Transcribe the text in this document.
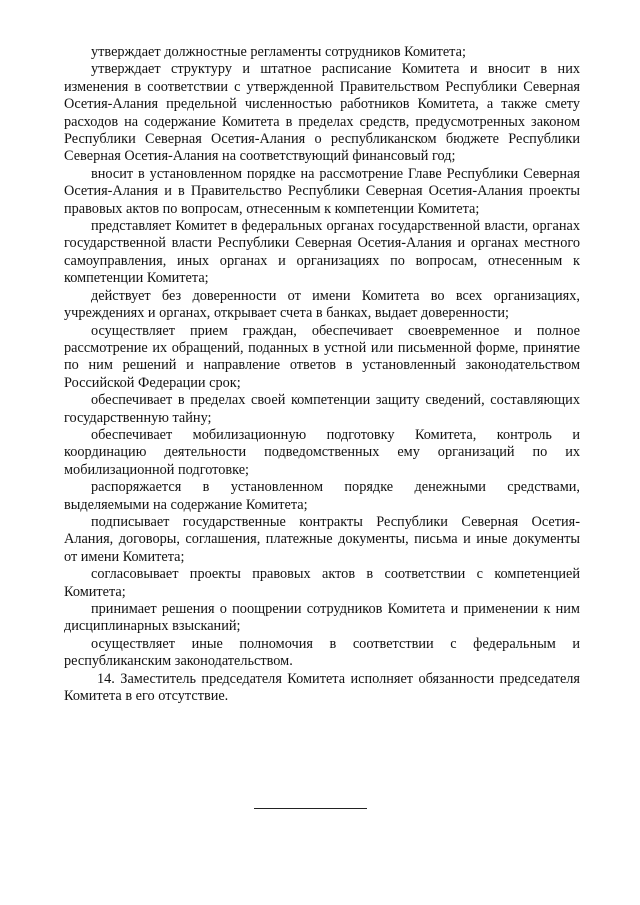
утверждает должностные регламенты сотрудников Комитета;

утверждает структуру и штатное расписание Комитета и вносит в них изменения в соответствии с утвержденной Правительством Республики Северная Осетия-Алания предельной численностью работников Комитета, а также смету расходов на содержание Комитета в пределах средств, предусмотренных законом Республики Северная Осетия-Алания о республиканском бюджете Республики Северная Осетия-Алания на соответствующий финансовый год;

вносит в установленном порядке на рассмотрение Главе Республики Северная Осетия-Алания и в Правительство Республики Северная Осетия-Алания проекты правовых актов по вопросам, отнесенным к компетенции Комитета;

представляет Комитет в федеральных органах государственной власти, органах государственной власти Республики Северная Осетия-Алания и органах местного самоуправления, иных органах и организациях по вопросам, отнесенным к компетенции Комитета;

действует без доверенности от имени Комитета во всех организациях, учреждениях и органах, открывает счета в банках, выдает доверенности;

осуществляет прием граждан, обеспечивает своевременное и полное рассмотрение их обращений, поданных в устной или письменной форме, принятие по ним решений и направление ответов в установленный законодательством Российской Федерации срок;

обеспечивает в пределах своей компетенции защиту сведений, составляющих государственную тайну;

обеспечивает мобилизационную подготовку Комитета, контроль и координацию деятельности подведомственных ему организаций по их мобилизационной подготовке;

распоряжается в установленном порядке денежными средствами, выделяемыми на содержание Комитета;

подписывает государственные контракты Республики Северная Осетия-Алания, договоры, соглашения, платежные документы, письма и иные документы от имени Комитета;

согласовывает проекты правовых актов в соответствии с компетенцией Комитета;

принимает решения о поощрении сотрудников Комитета и применении к ним дисциплинарных взысканий;

осуществляет иные полномочия в соответствии с федеральным и республиканским законодательством.

14. Заместитель председателя Комитета исполняет обязанности председателя Комитета в его отсутствие.
